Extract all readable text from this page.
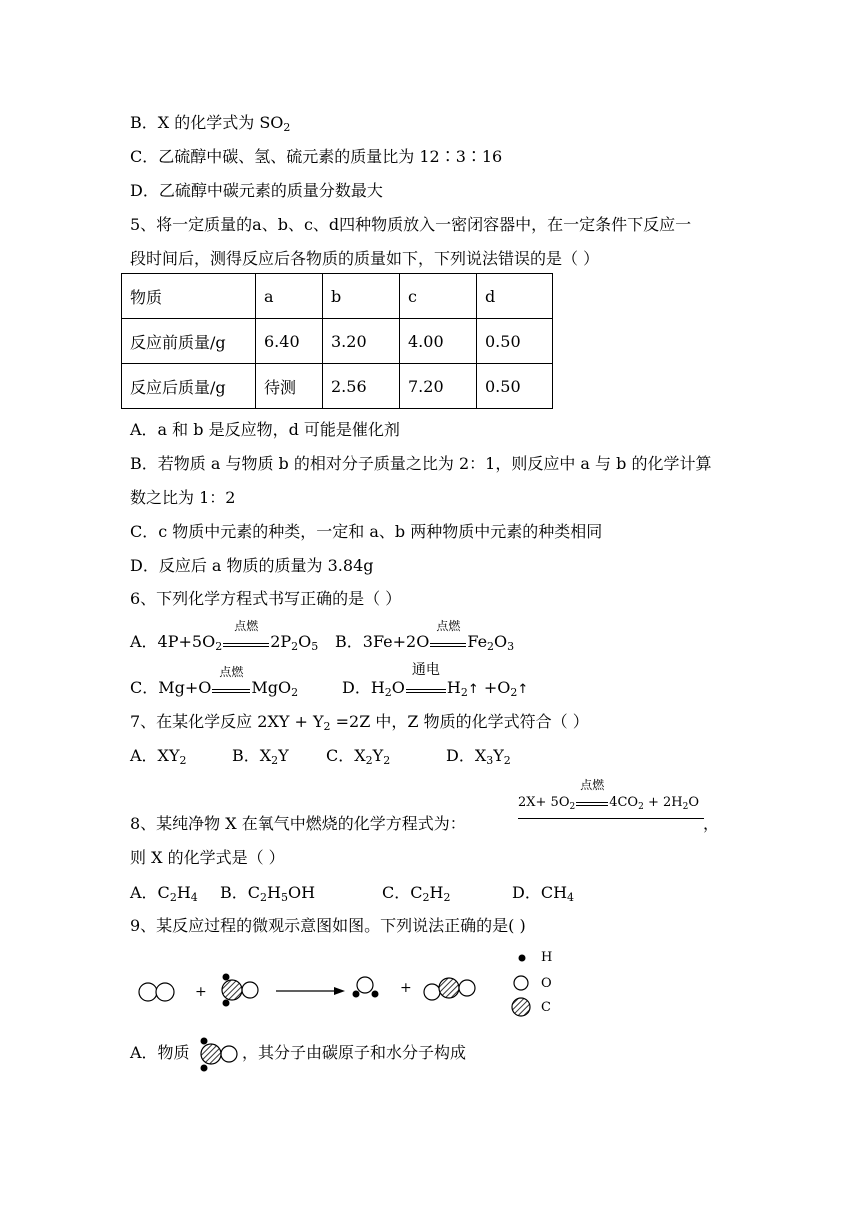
B．X 的化学式为 $SO_2$
C．乙硫醇中碳、氢、硫元素的质量比为 12∶3∶16
D．乙硫醇中碳元素的质量分数最大
5、将一定质量的a、b、c、d四种物质放入一密闭容器中，在一定条件下反应一
段时间后，测得反应后各物质的质量如下，下列说法错误的是（ ）
物质	a	b	c	d
反应前质量/g	6.40	3.20	4.00	0.50
反应后质量/g	待测	2.56	7.20	0.50
A．a 和 b 是反应物，d 可能是催化剂
B．若物质 a 与物质 b 的相对分子质量之比为 2：1，则反应中 a 与 b 的化学计算
数之比为 1：2
C．c 物质中元素的种类，一定和 a、b 两种物质中元素的种类相同
D．反应后 a 物质的质量为 3.84g
6、下列化学方程式书写正确的是（ ）
A．$4P+5O_2$
点燃
$2P_2O_5$ B．3Fe+2O
点燃
$Fe_2O_3$
C．Mg+O
点燃
MgO$_2$	D．$H_2O$
通电
$H_2↑$ $+O_2↑$
7、在某化学反应 $2XY + Y_2 =2Z$ 中，Z 物质的化学式符合（ ）
A．$XY_2$	B．$X_2Y$ C．$X_2Y_2$	D．$X_3Y_2$
$2X+ 5O_2$
点燃
$4CO_2 + 2H_2O$
8、某纯净物 X 在氧气中燃烧的化学方程式为：	，
则 X 的化学式是（ ）
A．$C_2H_4$ B．$C_2H_5OH$	C．$C_2H_2$	D．$CH_4$
9、某反应过程的微观示意图如图。下列说法正确的是( )
+	+
H
O
C
A．物质	，其分子由碳原子和水分子构成
